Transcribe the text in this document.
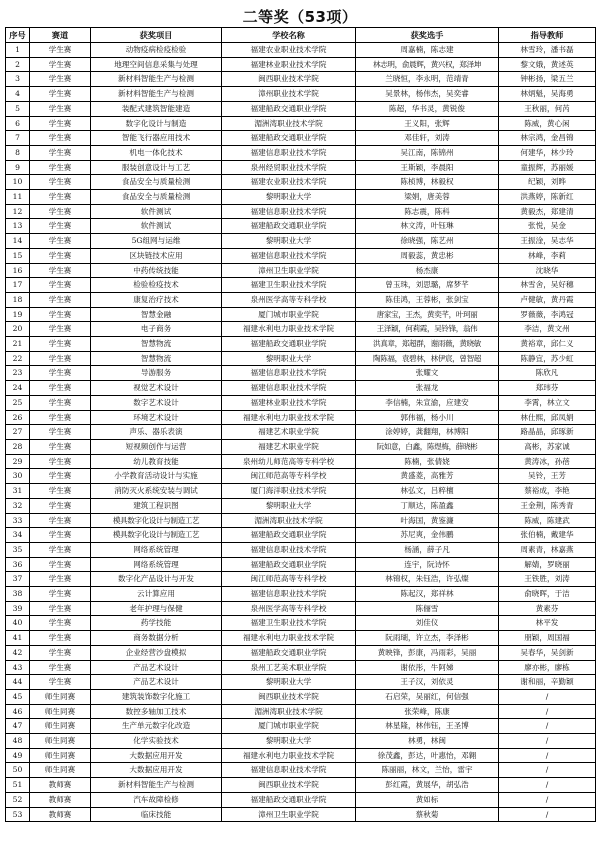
二等奖（53项）
序号	赛道	获奖项目	学校名称	获奖选手	指导教师
1	学生赛	动物疫病检疫检验	福建农业职业技术学院	周嘉楠，陈志建	林雪玲，潘书磊
2	学生赛	地理空间信息采集与处理	福建林业职业技术学院	林志明，俞晨辉，黄兴权，郑泽坤	黎文娥，黄述英
3	学生赛	新材料智能生产与检测	闽西职业技术学院	兰晓恒，李永明，范靖青	钟彬扬，梁五兰
4	学生赛	新材料智能生产与检测	漳州职业技术学院	吴景林，杨伟杰，吴奕睿	林炳魁，吴海勇
5	学生赛	装配式建筑智能建造	福建船政交通职业学院	陈超，华书灵，黄锐俊	王秋丽，何芮
6	学生赛	数字化设计与制造	湄洲湾职业技术学院	王义阳，张辉	陈威，黄心闲
7	学生赛	智能飞行器应用技术	福建船政交通职业学院	邓佳轩，刘涛	林宗鸿，金昌锦
8	学生赛	机电一体化技术	福建信息职业技术学院	吴江南，陈锦州	何建华，林少玲
9	学生赛	服装创意设计与工艺	泉州经贸职业技术学院	王斯颖，李晨阳	童振辉，苏丽媛
10	学生赛	食品安全与质量检测	福建农业职业技术学院	陈桢博，林毅权	纪颖，刘晔
11	学生赛	食品安全与质量检测	黎明职业大学	梁娟，唐美蓉	洪燕婷，陈新红
12	学生赛	软件测试	福建信息职业技术学院	陈志震，陈科	黄毅杰，郑建清
13	学生赛	软件测试	福建船政交通职业学院	林文涛，叶钰琳	张悦，吴金
14	学生赛	5G组网与运维	黎明职业大学	徐晓强，陈艺州	王振淦，吴志华
15	学生赛	区块链技术应用	福建信息职业技术学院	周毅蕊，黄忠彬	林峰，李莉
16	学生赛	中药传统技能	漳州卫生职业学院	杨杰康	沈晓华
17	学生赛	检验检疫技术	福建卫生职业技术学院	曾玉珠，刘思璐，席梦芊	林雪舍，吴好穗
18	学生赛	康复治疗技术	泉州医学高等专科学校	陈佳鸿，王蓉彬，张剑宝	卢健敏，黄丹霞
19	学生赛	智慧金融	厦门城市职业学院	唐家宝，王杰，黄奕芊，叶珂丽	罗薇薇，李鸿冠
20	学生赛	电子商务	福建水利电力职业技术学院	王泽颖，何莉霞，吴铃锋，翁伟	李洁，黄文州
21	学生赛	智慧物流	福建船政交通职业学院	洪真章，郑超群，谢雨薇，黄晓敏	黄裕章，邱仁义
22	学生赛	智慧物流	黎明职业大学	陶陈福，袁碧林，林伊宸，曾智超	陈静宜，苏少虹
23	学生赛	导游服务	福建信息职业技术学院	张耀文	陈欣凡
24	学生赛	视觉艺术设计	福建信息职业技术学院	张福龙	郑玮芬
25	学生赛	数字艺术设计	福建林业职业技术学院	李信楠，朱宣渝，应建安	李霄，林立文
26	学生赛	环境艺术设计	福建水利电力职业技术学院	郭伟福，杨小川	林仕熙，邱凤娟
27	学生赛	声乐、器乐表演	福建艺术职业学院	涂婷婷，龚翻翔，林博阳	路晶晶，邱琢新
28	学生赛	短视频创作与运营	福建艺术职业学院	阮如意，白鑫，陈煜梅，薛晓彬	高彬，苏家诚
29	学生赛	幼儿教育技能	泉州幼儿师范高等专科学校	陈楠，张倩娆	黄涛冰，孙蓓
30	学生赛	小学教育活动设计与实施	闽江师范高等专科学校	黄盛菱，高雅芳	吴铃，王芳
31	学生赛	消防灭火系统安装与调试	厦门海洋职业技术学院	林弘文，吕粹檀	蔡裕成，李艳
32	学生赛	建筑工程识图	黎明职业大学	丁顺达，陈盈鑫	王金荆，陈秀青
33	学生赛	模具数字化设计与制造工艺	湄洲湾职业技术学院	叶海国，黄鉴濂	陈威，陈建武
34	学生赛	模具数字化设计与制造工艺	福建船政交通职业学院	苏尼爽，金伟鹏	张伯楠，戴建华
35	学生赛	网络系统管理	福建信息职业技术学院	杨涵，薛子凡	周素青，林嘉燕
36	学生赛	网络系统管理	福建船政交通职业学院	连宇，阮诗怀	解婧，罗晓丽
37	学生赛	数字化产品设计与开发	闽江师范高等专科学校	林锦权，朱钰浩，许弘燦	王铁胜，刘涛
38	学生赛	云计算应用	福建信息职业技术学院	陈起汉，郑祥林	俞晓晖，于洁
39	学生赛	老年护理与保健	泉州医学高等专科学校	陈俪雪	黄素芬
40	学生赛	药学技能	福建卫生职业技术学院	刘佳仪	林平发
41	学生赛	商务数据分析	福建水利电力职业技术学院	阮雨瑚，许立杰，李泽彬	朋颖，周国福
42	学生赛	企业经营沙盘模拟	福建船政交通职业学院	黄映锋，彭康，冯雨彩，吴丽	吴春华，吴剑新
43	学生赛	产品艺术设计	泉州工艺美术职业学院	谢依彤，牛阿娣	廖亦彬，廖栋
44	学生赛	产品艺术设计	黎明职业大学	王子汉，刘依灵	谢和丽，辛勤颖
45	师生同赛	建筑装饰数字化施工	闽西职业技术学院	石启荣，吴丽红，何信强	/
46	师生同赛	数控多轴加工技术	湄洲湾职业技术学院	张荣峰，陈康	/
47	师生同赛	生产单元数字化改造	厦门城市职业学院	林星隆，林伟钰，王圣博	/
48	师生同赛	化学实验技术	黎明职业大学	林勇，林闽	/
49	师生同赛	大数据应用开发	福建水利电力职业技术学院	徐茂鑫，彭达，叶惠怡，邓翱	/
50	师生同赛	大数据应用开发	福建信息职业技术学院	陈丽丽，林文，兰怡，雷宇	/
51	教师赛	新材料智能生产与检测	闽西职业技术学院	彭红霞，黄展华，胡弘浩	/
52	教师赛	汽车故障检修	福建船政交通职业学院	黄如标	/
53	教师赛	临床技能	漳州卫生职业学院	蔡秋菊	/
